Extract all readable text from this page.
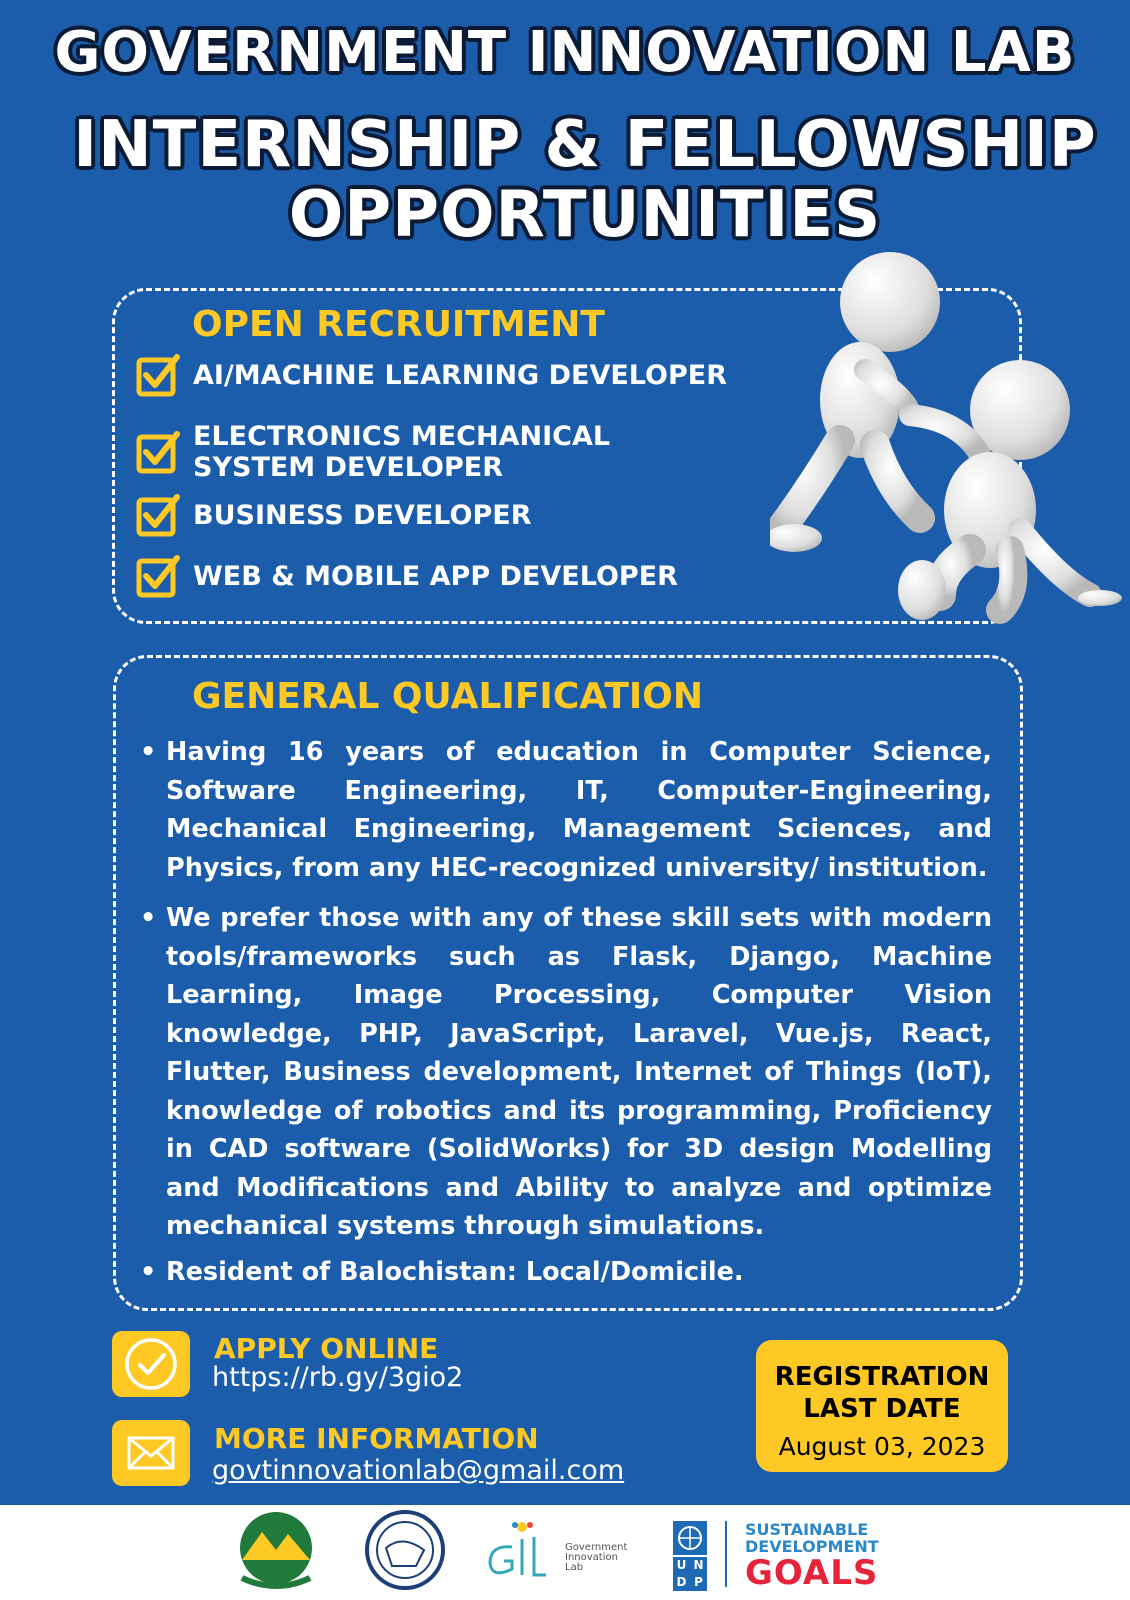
GOVERNMENT INNOVATION LAB
INTERNSHIP & FELLOWSHIP
OPPORTUNITIES
OPEN RECRUITMENT
AI/MACHINE LEARNING DEVELOPER
ELECTRONICS MECHANICAL
SYSTEM DEVELOPER
BUSINESS DEVELOPER
WEB & MOBILE APP DEVELOPER
GENERAL QUALIFICATION
• Having 16 years of education in Computer Science, Software Engineering, IT, Computer-Engineering, Mechanical Engineering, Management Sciences, and Physics, from any HEC-recognized university/ institution.
• We prefer those with any of these skill sets with modern tools/frameworks such as Flask, Django, Machine Learning, Image Processing, Computer Vision knowledge, PHP, JavaScript, Laravel, Vue.js, React, Flutter, Business development, Internet of Things (IoT), knowledge of robotics and its programming, Proficiency in CAD software (SolidWorks) for 3D design Modelling and Modifications and Ability to analyze and optimize mechanical systems through simulations.
• Resident of Balochistan: Local/Domicile.
APPLY ONLINE
https://rb.gy/3gio2
MORE INFORMATION
govtinnovationlab@gmail.com
REGISTRATION
LAST DATE
August 03, 2023
Government
Innovation
Lab	U N
D P
SUSTAINABLE
DEVELOPMENT
GOALS
